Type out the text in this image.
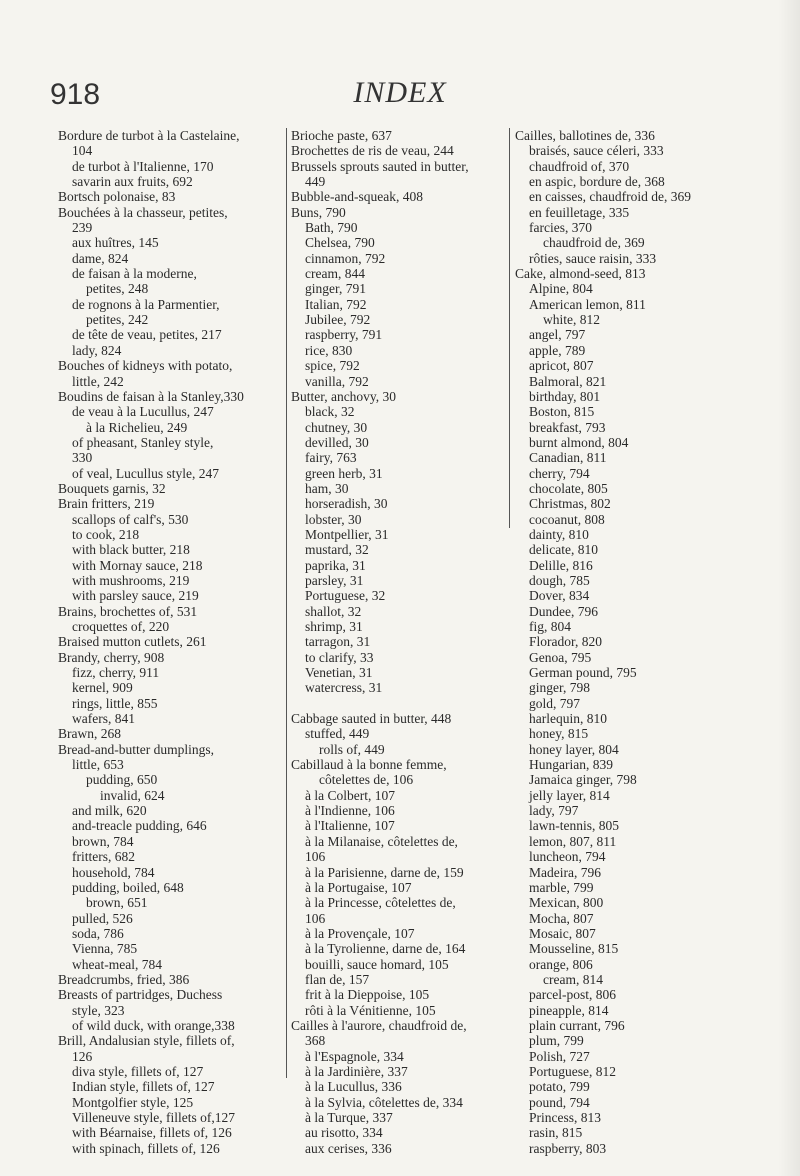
918	INDEX
Bordure de turbot à la Castelaine,
104
de turbot à l'Italienne, 170
savarin aux fruits, 692
Bortsch polonaise, 83
Bouchées à la chasseur, petites,
239
aux huîtres, 145
dame, 824
de faisan à la moderne,
petites, 248
de rognons à la Parmentier,
petites, 242
de tête de veau, petites, 217
lady, 824
Bouches of kidneys with potato,
little, 242
Boudins de faisan à la Stanley,330
de veau à la Lucullus, 247
à la Richelieu, 249
of pheasant, Stanley style,
330
of veal, Lucullus style, 247
Bouquets garnis, 32
Brain fritters, 219
scallops of calf's, 530
to cook, 218
with black butter, 218
with Mornay sauce, 218
with mushrooms, 219
with parsley sauce, 219
Brains, brochettes of, 531
croquettes of, 220
Braised mutton cutlets, 261
Brandy, cherry, 908
fizz, cherry, 911
kernel, 909
rings, little, 855
wafers, 841
Brawn, 268
Bread-and-butter dumplings,
little, 653
pudding, 650
invalid, 624
and milk, 620
and-treacle pudding, 646
brown, 784
fritters, 682
household, 784
pudding, boiled, 648
brown, 651
pulled, 526
soda, 786
Vienna, 785
wheat-meal, 784
Breadcrumbs, fried, 386
Breasts of partridges, Duchess
style, 323
of wild duck, with orange,338
Brill, Andalusian style, fillets of,
126
diva style, fillets of, 127
Indian style, fillets of, 127
Montgolfier style, 125
Villeneuve style, fillets of,127
with Béarnaise, fillets of, 126
with spinach, fillets of, 126
Brioche paste, 637
Brochettes de ris de veau, 244
Brussels sprouts sauted in butter,
449
Bubble-and-squeak, 408
Buns, 790
Bath, 790
Chelsea, 790
cinnamon, 792
cream, 844
ginger, 791
Italian, 792
Jubilee, 792
raspberry, 791
rice, 830
spice, 792
vanilla, 792
Butter, anchovy, 30
black, 32
chutney, 30
devilled, 30
fairy, 763
green herb, 31
ham, 30
horseradish, 30
lobster, 30
Montpellier, 31
mustard, 32
paprika, 31
parsley, 31
Portuguese, 32
shallot, 32
shrimp, 31
tarragon, 31
to clarify, 33
Venetian, 31
watercress, 31
Cabbage sauted in butter, 448
stuffed, 449
rolls of, 449
Cabillaud à la bonne femme,
côtelettes de, 106
à la Colbert, 107
à l'Indienne, 106
à l'Italienne, 107
à la Milanaise, côtelettes de,
106
à la Parisienne, darne de, 159
à la Portugaise, 107
à la Princesse, côtelettes de,
106
à la Provençale, 107
à la Tyrolienne, darne de, 164
bouilli, sauce homard, 105
flan de, 157
frit à la Dieppoise, 105
rôti à la Vénitienne, 105
Cailles à l'aurore, chaudfroid de,
368
à l'Espagnole, 334
à la Jardinière, 337
à la Lucullus, 336
à la Sylvia, côtelettes de, 334
à la Turque, 337
au risotto, 334
aux cerises, 336
Cailles, ballotines de, 336
braisés, sauce céleri, 333
chaudfroid of, 370
en aspic, bordure de, 368
en caisses, chaudfroid de, 369
en feuilletage, 335
farcies, 370
chaudfroid de, 369
rôties, sauce raisin, 333
Cake, almond-seed, 813
Alpine, 804
American lemon, 811
white, 812
angel, 797
apple, 789
apricot, 807
Balmoral, 821
birthday, 801
Boston, 815
breakfast, 793
burnt almond, 804
Canadian, 811
cherry, 794
chocolate, 805
Christmas, 802
cocoanut, 808
dainty, 810
delicate, 810
Delille, 816
dough, 785
Dover, 834
Dundee, 796
fig, 804
Florador, 820
Genoa, 795
German pound, 795
ginger, 798
gold, 797
harlequin, 810
honey, 815
honey layer, 804
Hungarian, 839
Jamaica ginger, 798
jelly layer, 814
lady, 797
lawn-tennis, 805
lemon, 807, 811
luncheon, 794
Madeira, 796
marble, 799
Mexican, 800
Mocha, 807
Mosaic, 807
Mousseline, 815
orange, 806
cream, 814
parcel-post, 806
pineapple, 814
plain currant, 796
plum, 799
Polish, 727
Portuguese, 812
potato, 799
pound, 794
Princess, 813
rasin, 815
raspberry, 803
